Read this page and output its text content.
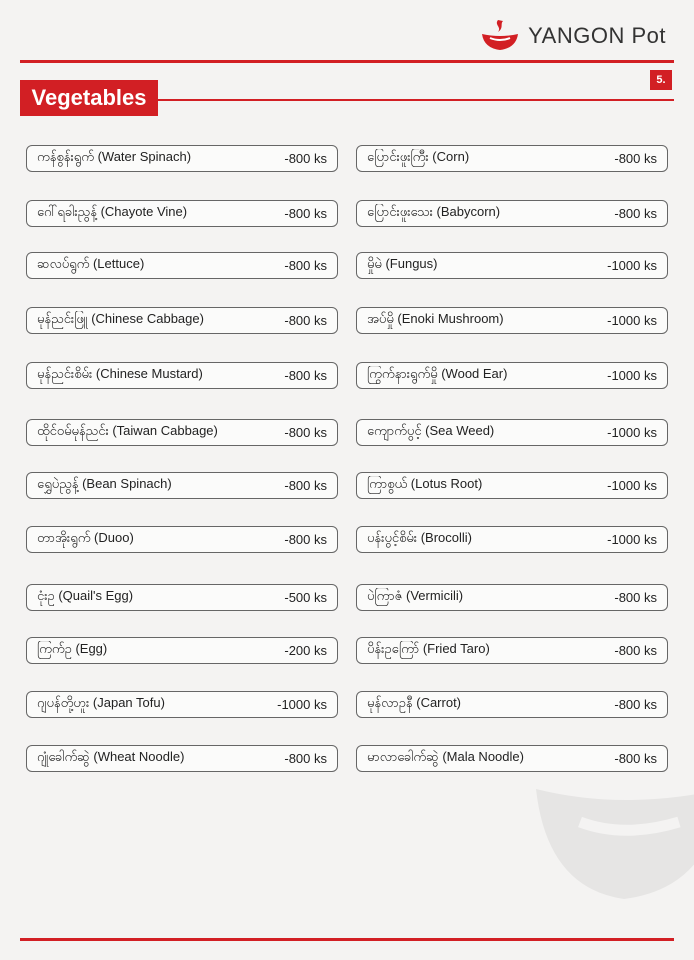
YANGON Pot
5.
Vegetables
ကန်စွန်းရွက် (Water Spinach)	-800 ks
ဂေါ်ရခါးညွန့် (Chayote Vine)	-800 ks
ဆလပ်ရွက် (Lettuce)	-800 ks
မုန်ညင်းဖြူ (Chinese Cabbage)	-800 ks
မုန်ညင်းစိမ်း (Chinese Mustard)	-800 ks
ထိုင်ဝမ်မုန်ညင်း (Taiwan Cabbage)	-800 ks
ရွှေပဲညွန့် (Bean Spinach)	-800 ks
တာအိုးရွက် (Duoo)	-800 ks
ငုံးဥ (Quail's Egg)	-500 ks
ကြက်ဥ (Egg)	-200 ks
ဂျပန်တို့ဟူး (Japan Tofu)	-1000 ks
ဂျုံခေါက်ဆွဲ (Wheat Noodle)	-800 ks
ပြောင်းဖူးကြီး (Corn)	-800 ks
ပြောင်းဖူးသေး (Babycorn)	-800 ks
မှိုမဲ (Fungus)	-1000 ks
အပ်မှို (Enoki Mushroom)	-1000 ks
ကြွက်နားရွက်မှို (Wood Ear)	-1000 ks
ကျောက်ပွင့် (Sea Weed)	-1000 ks
ကြာစွယ် (Lotus Root)	-1000 ks
ပန်းပွင့်စိမ်း (Brocolli)	-1000 ks
ပဲကြာဇံ (Vermicili)	-800 ks
ပိန်းဥကြော် (Fried Taro)	-800 ks
မုန်လာဥနီ (Carrot)	-800 ks
မာလာခေါက်ဆွဲ (Mala Noodle)	-800 ks
